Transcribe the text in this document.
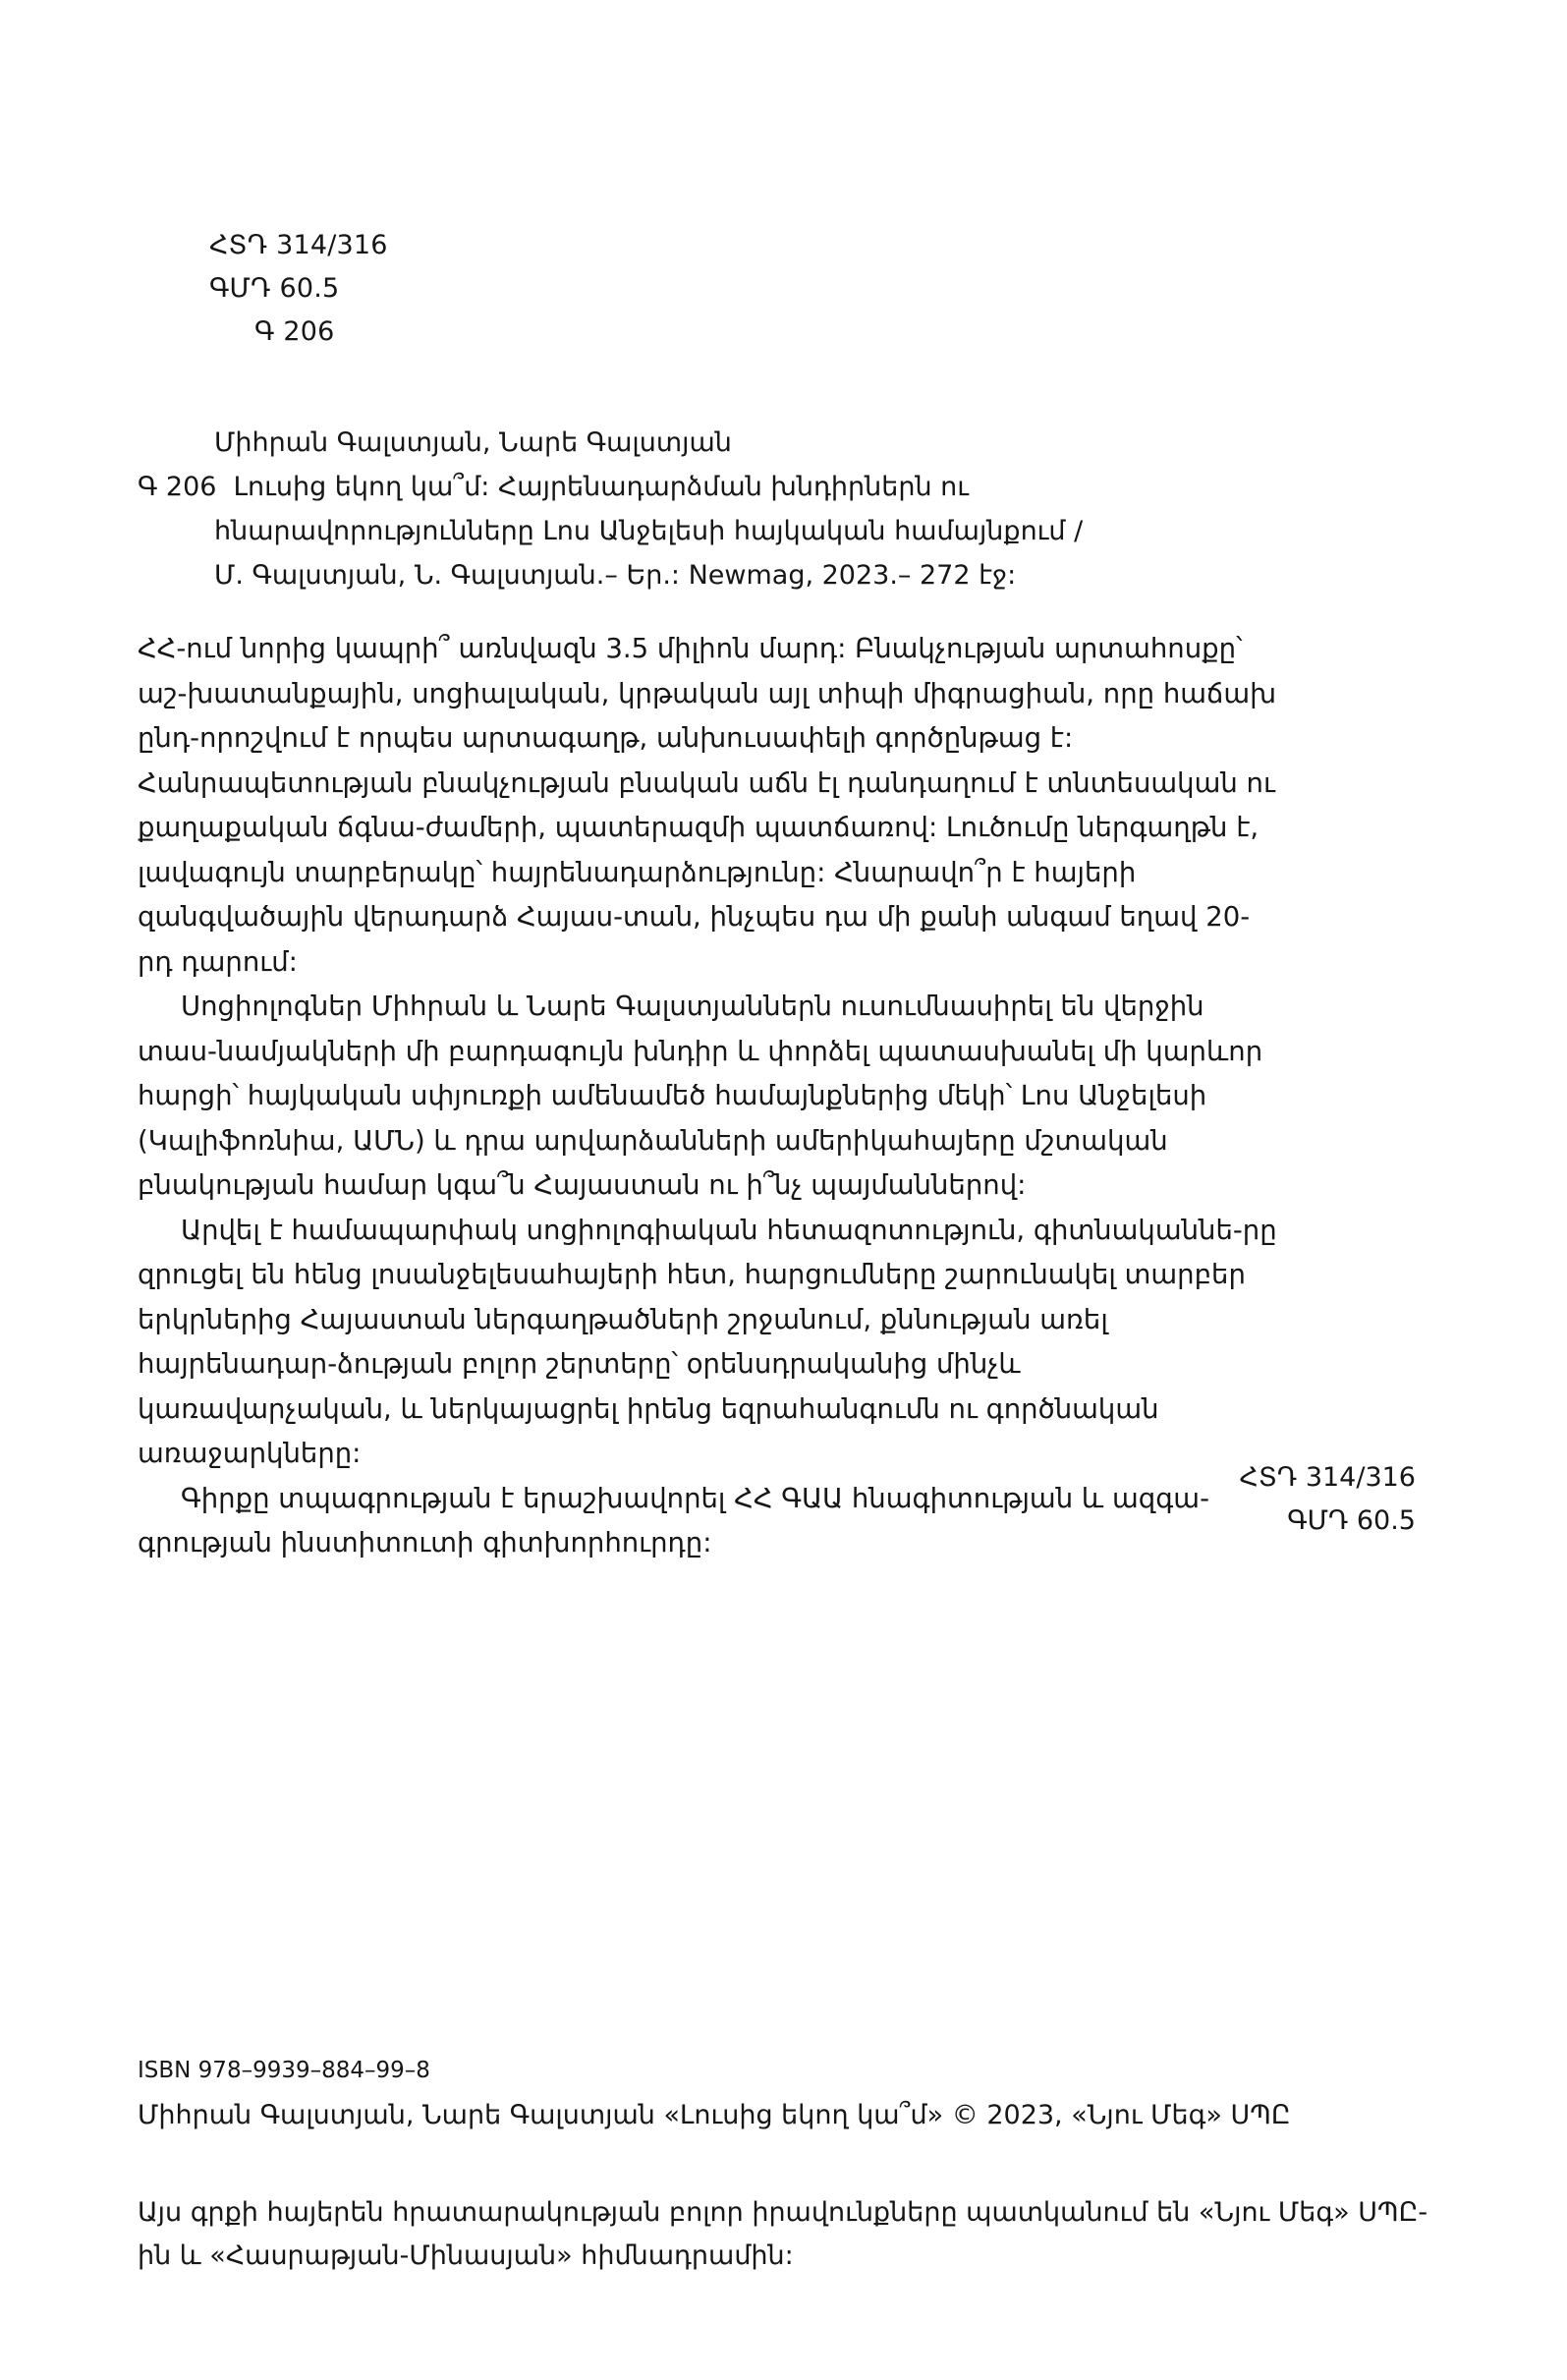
ՀՏԴ 314/316
ԳՄԴ 60.5
Գ 206
Միհրան Գալստյան, Նարե Գալստյան
Գ 206 Լուսից եկող կա՞մ: Հայրենադարձման խնդիրներն ու
հնարավորությունները Լոս Անջելեսի հայկական համայնքում /
Մ. Գալստյան, Ն. Գալստյան.– Եր.: Newmag, 2023.– 272 էջ:

ՀՀ-ում նորից կապրի՞ առնվազն 3.5 միլիոն մարդ: Բնակչության արտահոսքը՝ աշ-խատանքային, սոցիալական, կրթական այլ տիպի միգրացիան, որը հաճախ ընդ-որոշվում է որպես արտագաղթ, անխուսափելի գործընթաց է: Հանրապետության բնակչության բնական աճն էլ դանդաղում է տնտեսական ու քաղաքական ճգնա-ժամերի, պատերազմի պատճառով: Լուծումը ներգաղթն է, լավագույն տարբերակը՝ հայրենադարձությունը: Հնարավո՞ր է հայերի զանգվածային վերադարձ Հայաս-տան, ինչպես դա մի քանի անգամ եղավ 20-րդ դարում:

Սոցիոլոգներ Միհրան և Նարե Գալստյաններն ուսումնասիրել են վերջին տաս-նամյակների մի բարդագույն խնդիր և փորձել պատասխանել մի կարևոր հարցի՝ հայկական սփյուռքի ամենամեծ համայնքներից մեկի՝ Լոս Անջելեսի (Կալիֆոռնիա, ԱՄՆ) և դրա արվարձանների ամերիկահայերը մշտական բնակության համար կգա՞ն Հայաստան ու ի՞նչ պայմաններով:

Արվել է համապարփակ սոցիոլոգիական հետազոտություն, գիտնականնե-րը զրուցել են հենց լոսանջելեսահայերի հետ, հարցումները շարունակել տարբեր երկրներից Հայաստան ներգաղթածների շրջանում, քննության առել հայրենադար-ձության բոլոր շերտերը՝ օրենսդրականից մինչև կառավարչական, և ներկայացրել իրենց եզրահանգումն ու գործնական առաջարկները:

Գիրքը տպագրության է երաշխավորել ՀՀ ԳԱԱ հնագիտության և ազգա-գրության ինստիտուտի գիտխորհուրդը:

ՀՏԴ 314/316
ԳՄԴ 60.5

ISBN 978–9939–884–99–8

Միհրան Գալստյան, Նարե Գալստյան «Լուսից եկող կա՞մ» © 2023, «Նյու Մեգ» ՍՊԸ

Այս գրքի հայերեն հրատարակության բոլոր իրավունքները պատկանում են «Նյու Մեգ» ՍՊԸ-ին և «Հասրաթյան-Մինասյան» հիմնադրամին:
